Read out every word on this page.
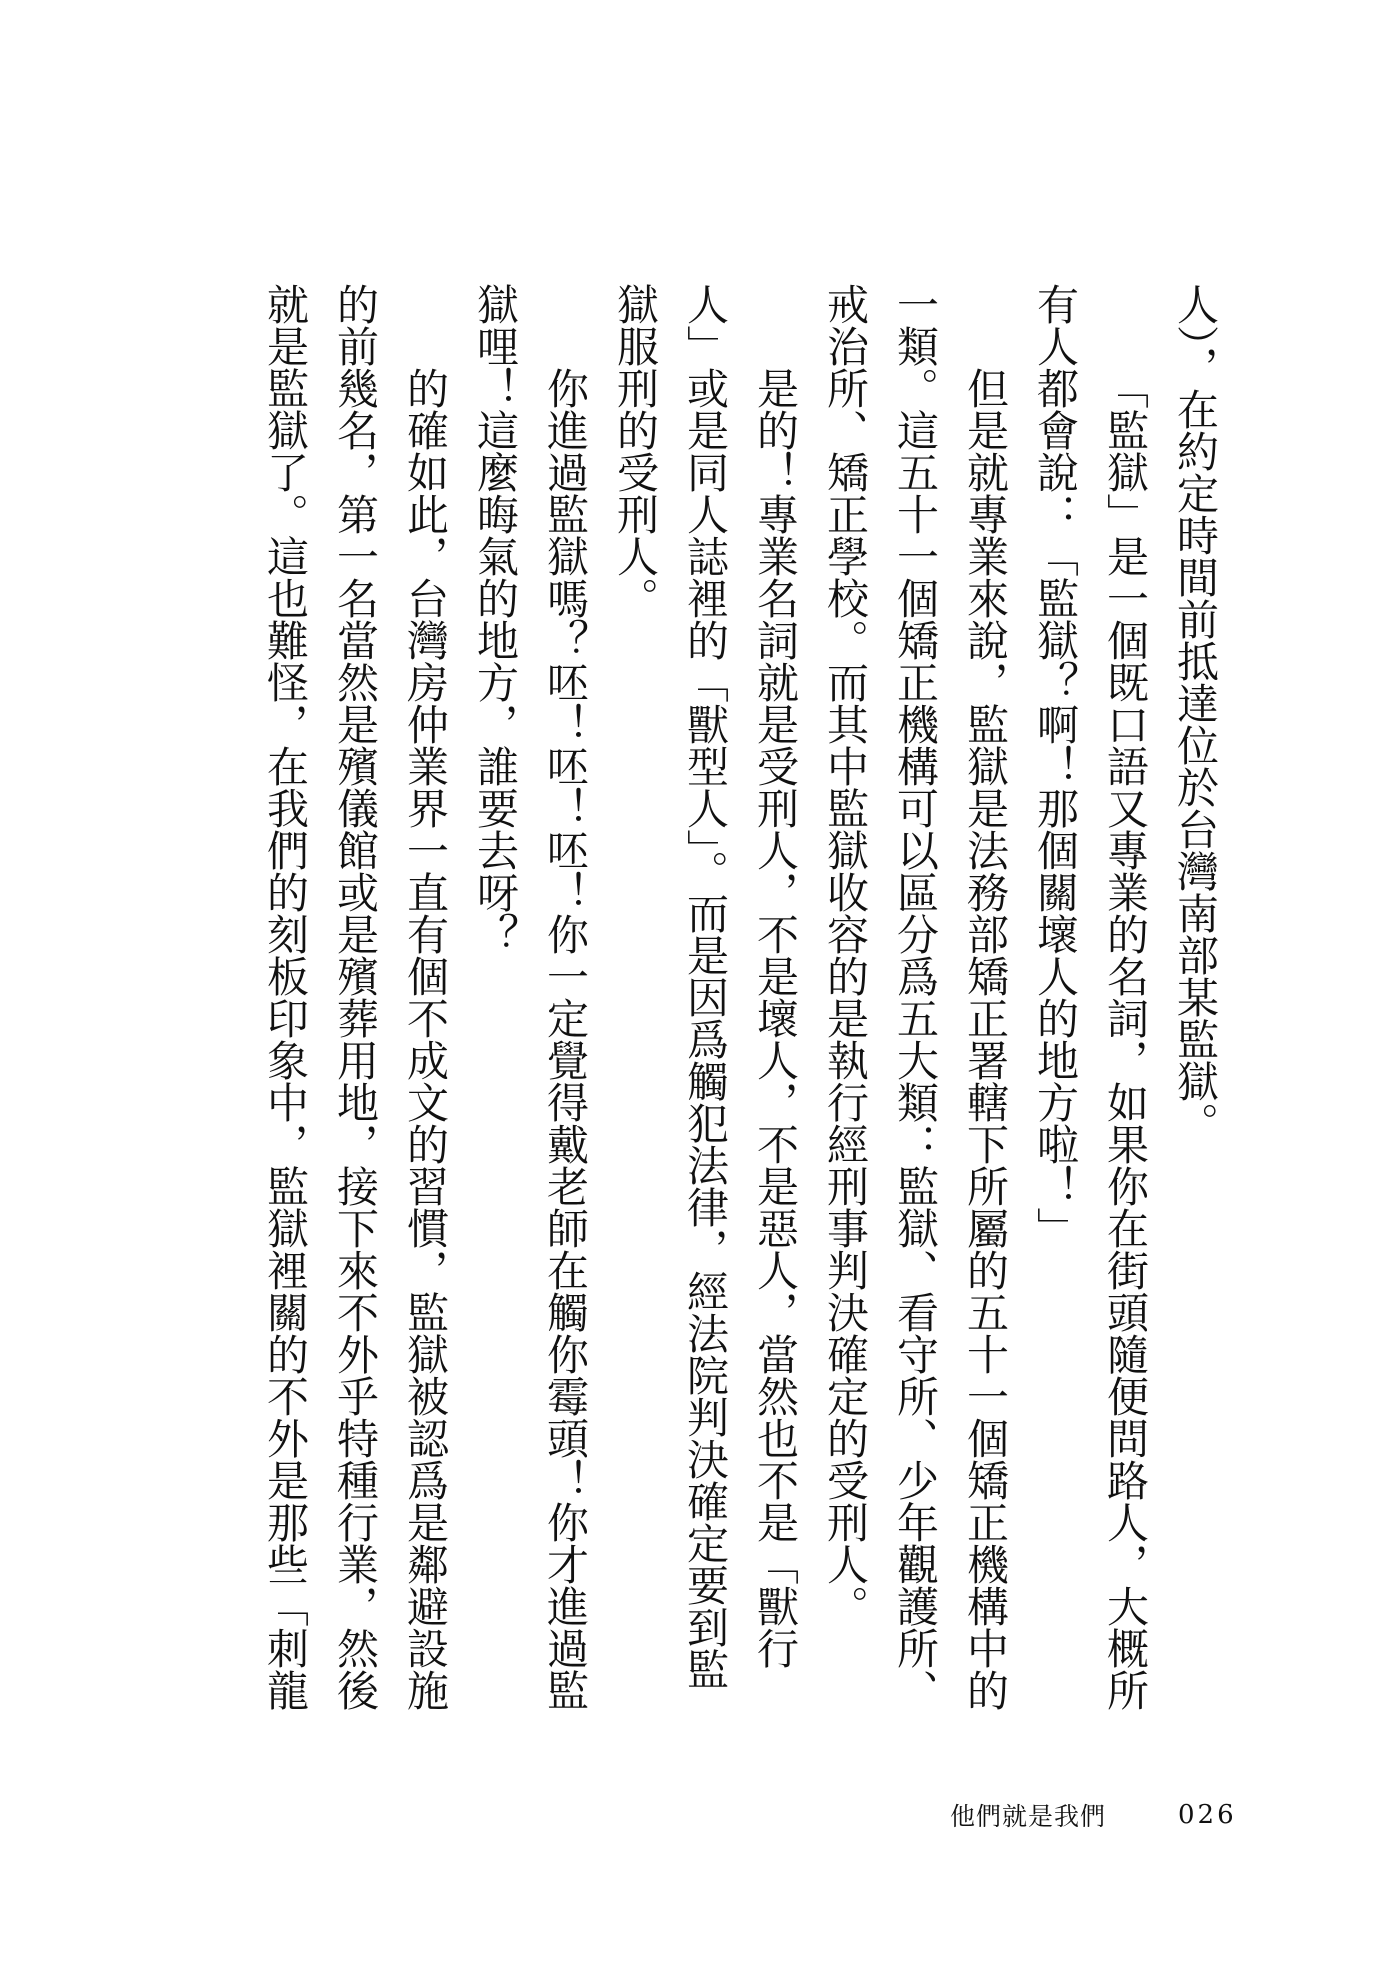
人），在約定時間前抵達位於台灣南部某監獄。
「監獄」是一個既口語又專業的名詞，如果你在街頭隨便問路人，大概所
有人都會說：「監獄？啊！那個關壞人的地方啦！」
但是就專業來說，監獄是法務部矯正署轄下所屬的五十一個矯正機構中的
一類。這五十一個矯正機構可以區分爲五大類：監獄、看守所、少年觀護所、
戒治所、矯正學校。而其中監獄收容的是執行經刑事判決確定的受刑人。
是的！專業名詞就是受刑人，不是壞人，不是惡人，當然也不是「獸行
人」或是同人誌裡的「獸型人」。而是因爲觸犯法律，經法院判決確定要到監
獄服刑的受刑人。
你進過監獄嗎？呸！呸！呸！你一定覺得戴老師在觸你霉頭！你才進過監
獄哩！這麼晦氣的地方，誰要去呀？
的確如此，台灣房仲業界一直有個不成文的習慣，監獄被認爲是鄰避設施
的前幾名，第一名當然是殯儀館或是殯葬用地，接下來不外乎特種行業，然後
就是監獄了。這也難怪，在我們的刻板印象中，監獄裡關的不外是那些「刺龍
他們就是我們	026
